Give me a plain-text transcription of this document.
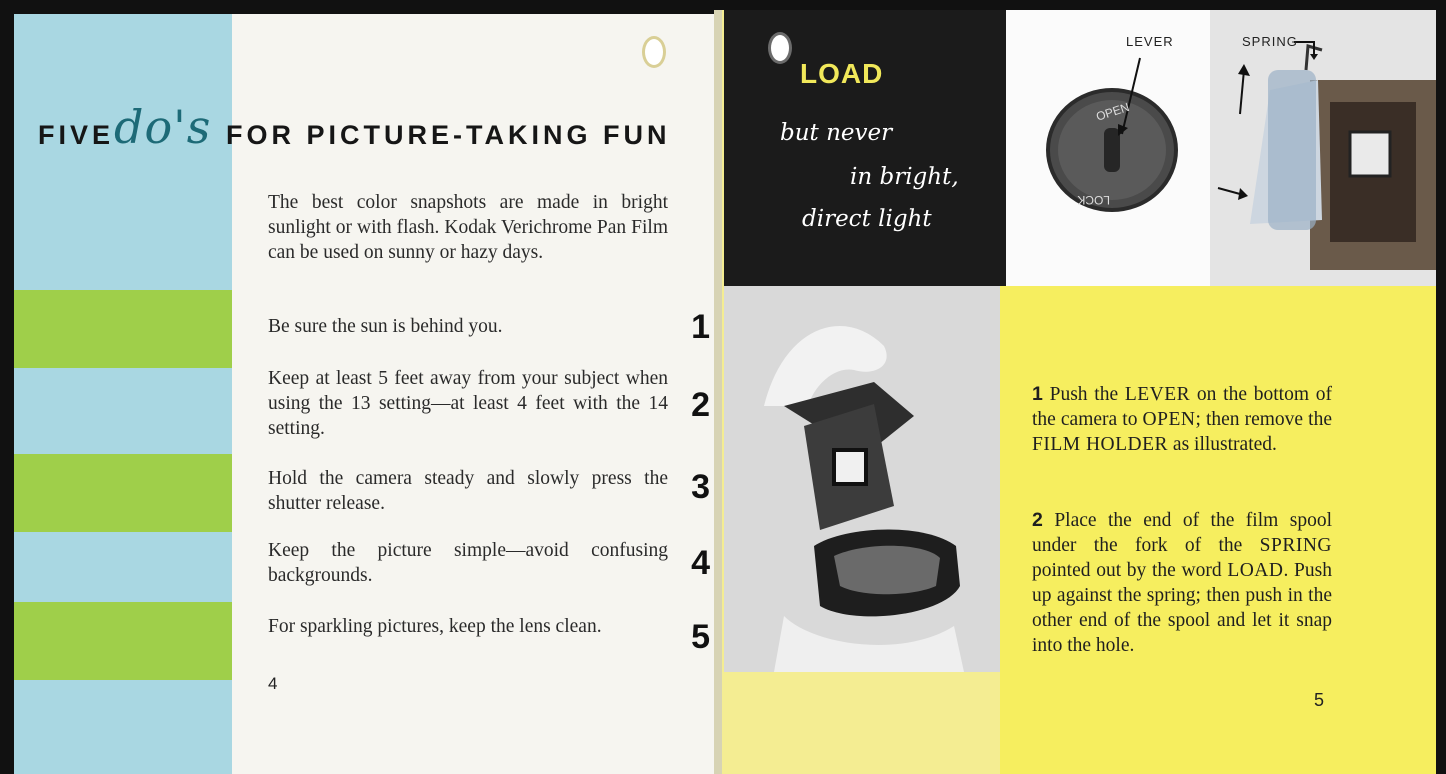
FIVE do's FOR PICTURE-TAKING FUN

The best color snapshots are made in bright sunlight or with flash. Kodak Verichrome Pan Film can be used on sunny or hazy days.

1

Be sure the sun is behind you.

2

Keep at least 5 feet away from your subject when using the 13 setting—at least 4 feet with the 14 setting.

3

Hold the camera steady and slowly press the shutter release.

4

Keep the picture simple—avoid confusing backgrounds.

5

For sparkling pictures, keep the lens clean.

4
LOAD
but never
in bright,
direct light
OPEN
LOCK
LEVER	SPRING

1 Push the LEVER on the bottom of the camera to OPEN; then remove the FILM HOLDER as illustrated.

2 Place the end of the film spool under the fork of the SPRING pointed out by the word LOAD. Push up against the spring; then push in the other end of the spool and let it snap into the hole.

5
